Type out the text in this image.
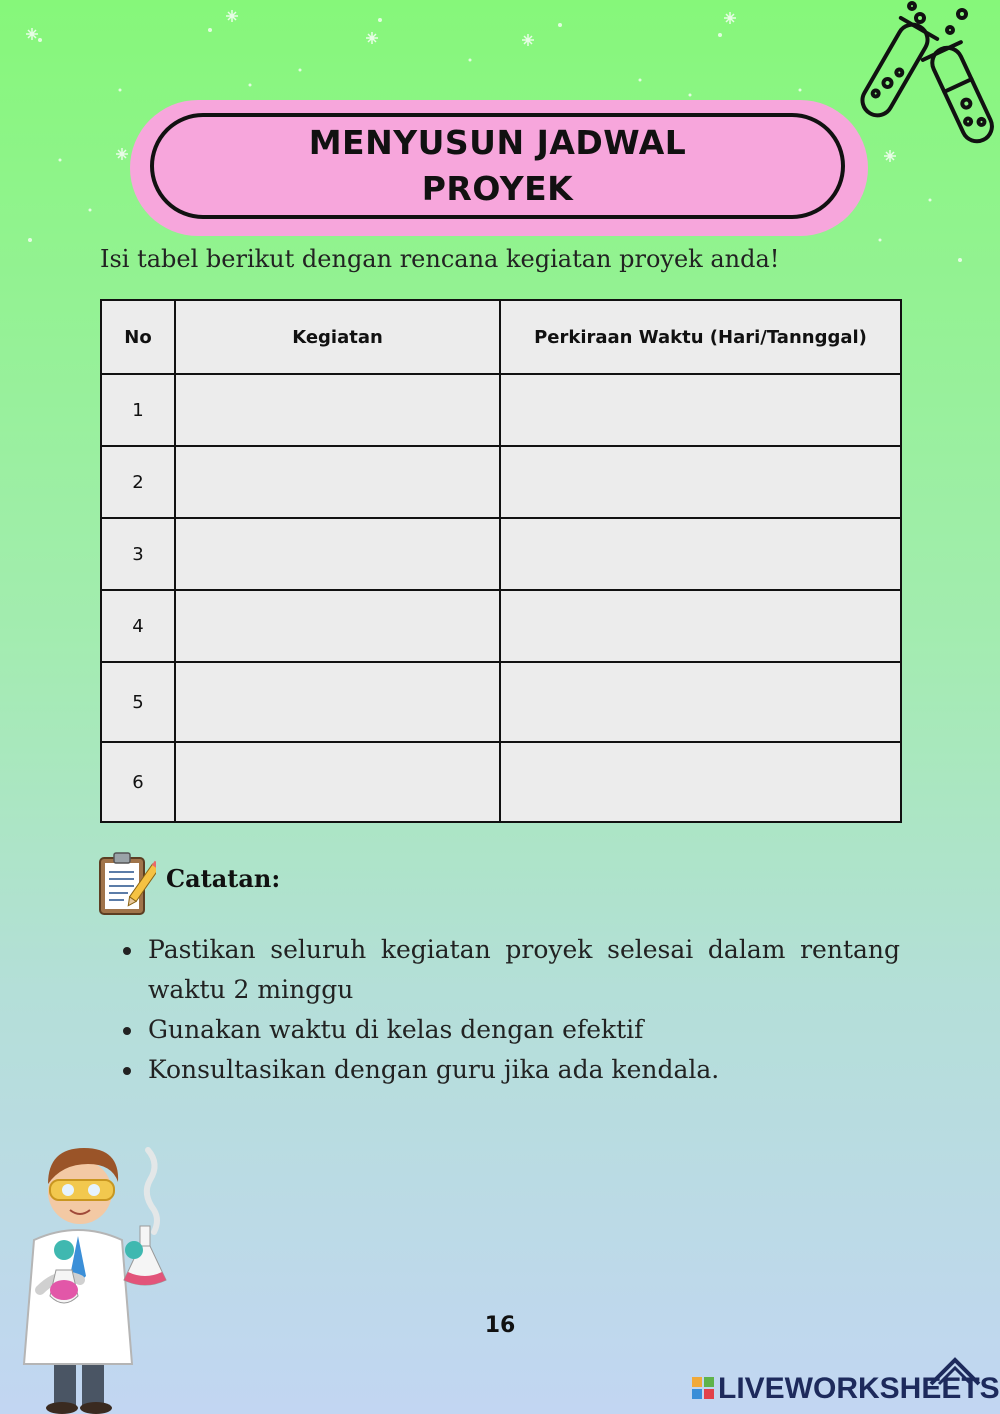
MENYUSUN JADWAL
PROYEK
Isi tabel berikut dengan rencana kegiatan proyek anda!
No	Kegiatan	Perkiraan Waktu (Hari/Tannggal)
1		
2		
3		
4		
5		
6		
Catatan:
Pastikan seluruh kegiatan proyek selesai dalam rentang waktu 2 minggu
Gunakan waktu di kelas dengan efektif
Konsultasikan dengan guru jika ada kendala.
16
LIVEWORKSHEETS
